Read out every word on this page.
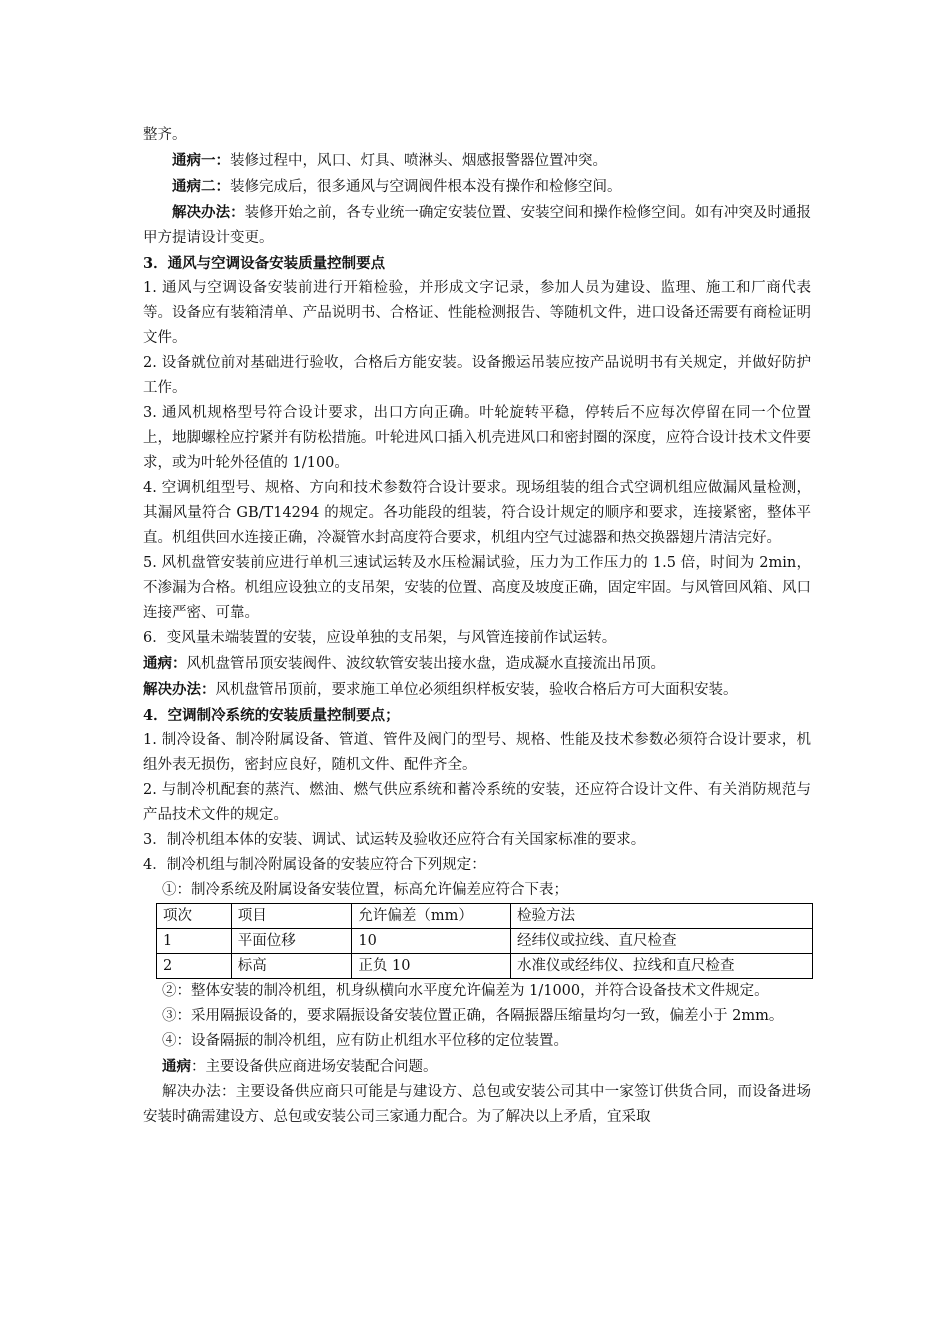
整齐。

通病一：装修过程中，风口、灯具、喷淋头、烟感报警器位置冲突。

通病二：装修完成后，很多通风与空调阀件根本没有操作和检修空间。

解决办法：装修开始之前，各专业统一确定安装位置、安装空间和操作检修空间。如有冲突及时通报甲方提请设计变更。

3．通风与空调设备安装质量控制要点

1. 通风与空调设备安装前进行开箱检验，并形成文字记录，参加人员为建设、监理、施工和厂商代表等。设备应有装箱清单、产品说明书、合格证、性能检测报告、等随机文件，进口设备还需要有商检证明文件。

2. 设备就位前对基础进行验收，合格后方能安装。设备搬运吊装应按产品说明书有关规定，并做好防护工作。

3. 通风机规格型号符合设计要求，出口方向正确。叶轮旋转平稳，停转后不应每次停留在同一个位置上，地脚螺栓应拧紧并有防松措施。叶轮进风口插入机壳进风口和密封圈的深度，应符合设计技术文件要求，或为叶轮外径值的 1/100。

4. 空调机组型号、规格、方向和技术参数符合设计要求。现场组装的组合式空调机组应做漏风量检测，其漏风量符合 GB/T14294 的规定。各功能段的组装，符合设计规定的顺序和要求，连接紧密，整体平直。机组供回水连接正确，冷凝管水封高度符合要求，机组内空气过滤器和热交换器翅片清洁完好。

5. 风机盘管安装前应进行单机三速试运转及水压检漏试验，压力为工作压力的 1.5 倍，时间为 2min，不渗漏为合格。机组应设独立的支吊架，安装的位置、高度及坡度正确，固定牢固。与风管回风箱、风口连接严密、可靠。

6．变风量未端装置的安装，应设单独的支吊架，与风管连接前作试运转。

通病：风机盘管吊顶安装阀件、波纹软管安装出接水盘，造成凝水直接流出吊顶。

解决办法：风机盘管吊顶前，要求施工单位必须组织样板安装，验收合格后方可大面积安装。

4．空调制冷系统的安装质量控制要点；

1. 制冷设备、制冷附属设备、管道、管件及阀门的型号、规格、性能及技术参数必须符合设计要求，机组外表无损伤，密封应良好，随机文件、配件齐全。

2. 与制冷机配套的蒸汽、燃油、燃气供应系统和蓄冷系统的安装，还应符合设计文件、有关消防规范与产品技术文件的规定。

3．制冷机组本体的安装、调试、试运转及验收还应符合有关国家标准的要求。

4．制冷机组与制冷附属设备的安装应符合下列规定：

①：制冷系统及附属设备安装位置，标高允许偏差应符合下表；

项次	项目	允许偏差（mm）	检验方法
1	平面位移	10	经纬仪或拉线、直尺检查
2	标高	正负 10	水准仪或经纬仪、拉线和直尺检查

②：整体安装的制冷机组，机身纵横向水平度允许偏差为 1/1000，并符合设备技术文件规定。

③：采用隔振设备的，要求隔振设备安装位置正确，各隔振器压缩量均匀一致，偏差小于 2mm。

④：设备隔振的制冷机组，应有防止机组水平位移的定位装置。

通病：主要设备供应商进场安装配合问题。

解决办法：主要设备供应商只可能是与建设方、总包或安装公司其中一家签订供货合同，而设备进场安装时确需建设方、总包或安装公司三家通力配合。为了解决以上矛盾，宜采取
